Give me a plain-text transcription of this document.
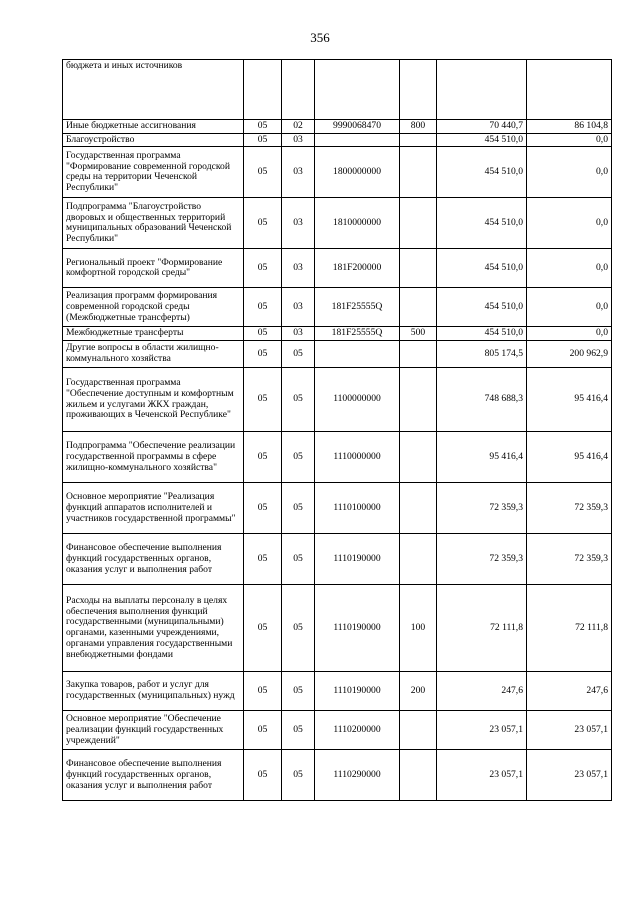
356
бюджета и иных источников						
Иные бюджетные ассигнования	05	02	9990068470	800	70 440,7	86 104,8
Благоустройство	05	03			454 510,0	0,0
Государственная программа "Формирование современной городской среды на территории Чеченской Республики"	05	03	1800000000		454 510,0	0,0
Подпрограмма "Благоустройство дворовых и общественных территорий муниципальных образований Чеченской Республики"	05	03	1810000000		454 510,0	0,0
Региональный проект "Формирование комфортной городской среды"	05	03	181F200000		454 510,0	0,0
Реализация программ формирования современной городской среды (Межбюджетные трансферты)	05	03	181F25555Q		454 510,0	0,0
Межбюджетные трансферты	05	03	181F25555Q	500	454 510,0	0,0
Другие вопросы в области жилищно-коммунального хозяйства	05	05			805 174,5	200 962,9
Государственная программа "Обеспечение доступным и комфортным жильем и услугами ЖКХ граждан, проживающих в Чеченской Республике"	05	05	1100000000		748 688,3	95 416,4
Подпрограмма "Обеспечение реализации государственной программы в сфере жилищно-коммунального хозяйства"	05	05	1110000000		95 416,4	95 416,4
Основное мероприятие "Реализация функций аппаратов исполнителей и участников государственной программы"	05	05	1110100000		72 359,3	72 359,3
Финансовое обеспечение выполнения функций государственных органов, оказания услуг и выполнения работ	05	05	1110190000		72 359,3	72 359,3
Расходы на выплаты персоналу в целях обеспечения выполнения функций государственными (муниципальными) органами, казенными учреждениями, органами управления государственными внебюджетными фондами	05	05	1110190000	100	72 111,8	72 111,8
Закупка товаров, работ и услуг для государственных (муниципальных) нужд	05	05	1110190000	200	247,6	247,6
Основное мероприятие "Обеспечение реализации функций государственных учреждений"	05	05	1110200000		23 057,1	23 057,1
Финансовое обеспечение выполнения функций государственных органов, оказания услуг и выполнения работ	05	05	1110290000		23 057,1	23 057,1
